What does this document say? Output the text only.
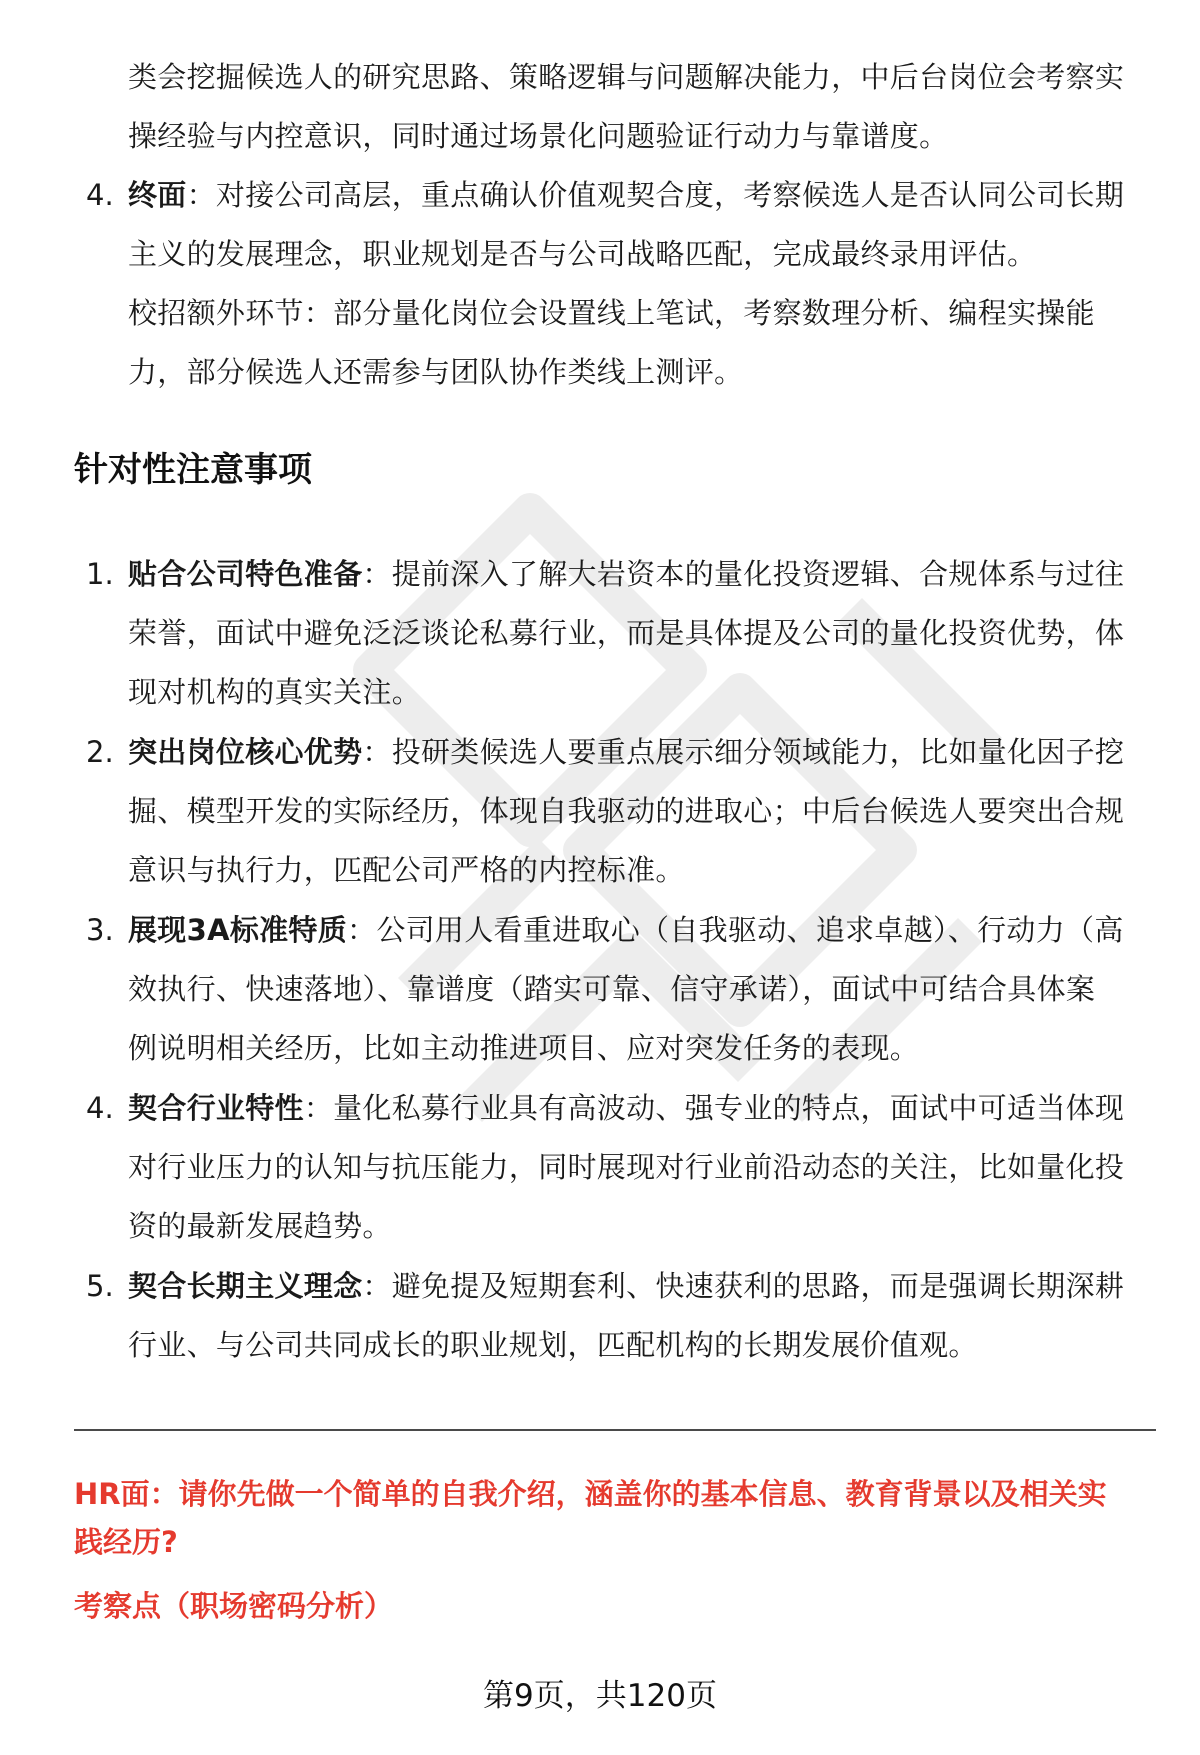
类会挖掘候选人的研究思路、策略逻辑与问题解决能力，中后台岗位会考察实
操经验与内控意识，同时通过场景化问题验证行动力与靠谱度。
4. 终面：对接公司高层，重点确认价值观契合度，考察候选人是否认同公司长期
主义的发展理念，职业规划是否与公司战略匹配，完成最终录用评估。
校招额外环节：部分量化岗位会设置线上笔试，考察数理分析、编程实操能
力，部分候选人还需参与团队协作类线上测评。
针对性注意事项
1. 贴合公司特色准备：提前深入了解大岩资本的量化投资逻辑、合规体系与过往
荣誉，面试中避免泛泛谈论私募行业，而是具体提及公司的量化投资优势，体
现对机构的真实关注。
2. 突出岗位核心优势：投研类候选人要重点展示细分领域能力，比如量化因子挖
掘、模型开发的实际经历，体现自我驱动的进取心；中后台候选人要突出合规
意识与执行力，匹配公司严格的内控标准。
3. 展现3A标准特质：公司用人看重进取心（自我驱动、追求卓越）、行动力（高
效执行、快速落地）、靠谱度（踏实可靠、信守承诺），面试中可结合具体案
例说明相关经历，比如主动推进项目、应对突发任务的表现。
4. 契合行业特性：量化私募行业具有高波动、强专业的特点，面试中可适当体现
对行业压力的认知与抗压能力，同时展现对行业前沿动态的关注，比如量化投
资的最新发展趋势。
5. 契合长期主义理念：避免提及短期套利、快速获利的思路，而是强调长期深耕
行业、与公司共同成长的职业规划，匹配机构的长期发展价值观。
HR面：请你先做一个简单的自我介绍，涵盖你的基本信息、教育背景以及相关实
践经历?
考察点（职场密码分析）
第9页，共120页
